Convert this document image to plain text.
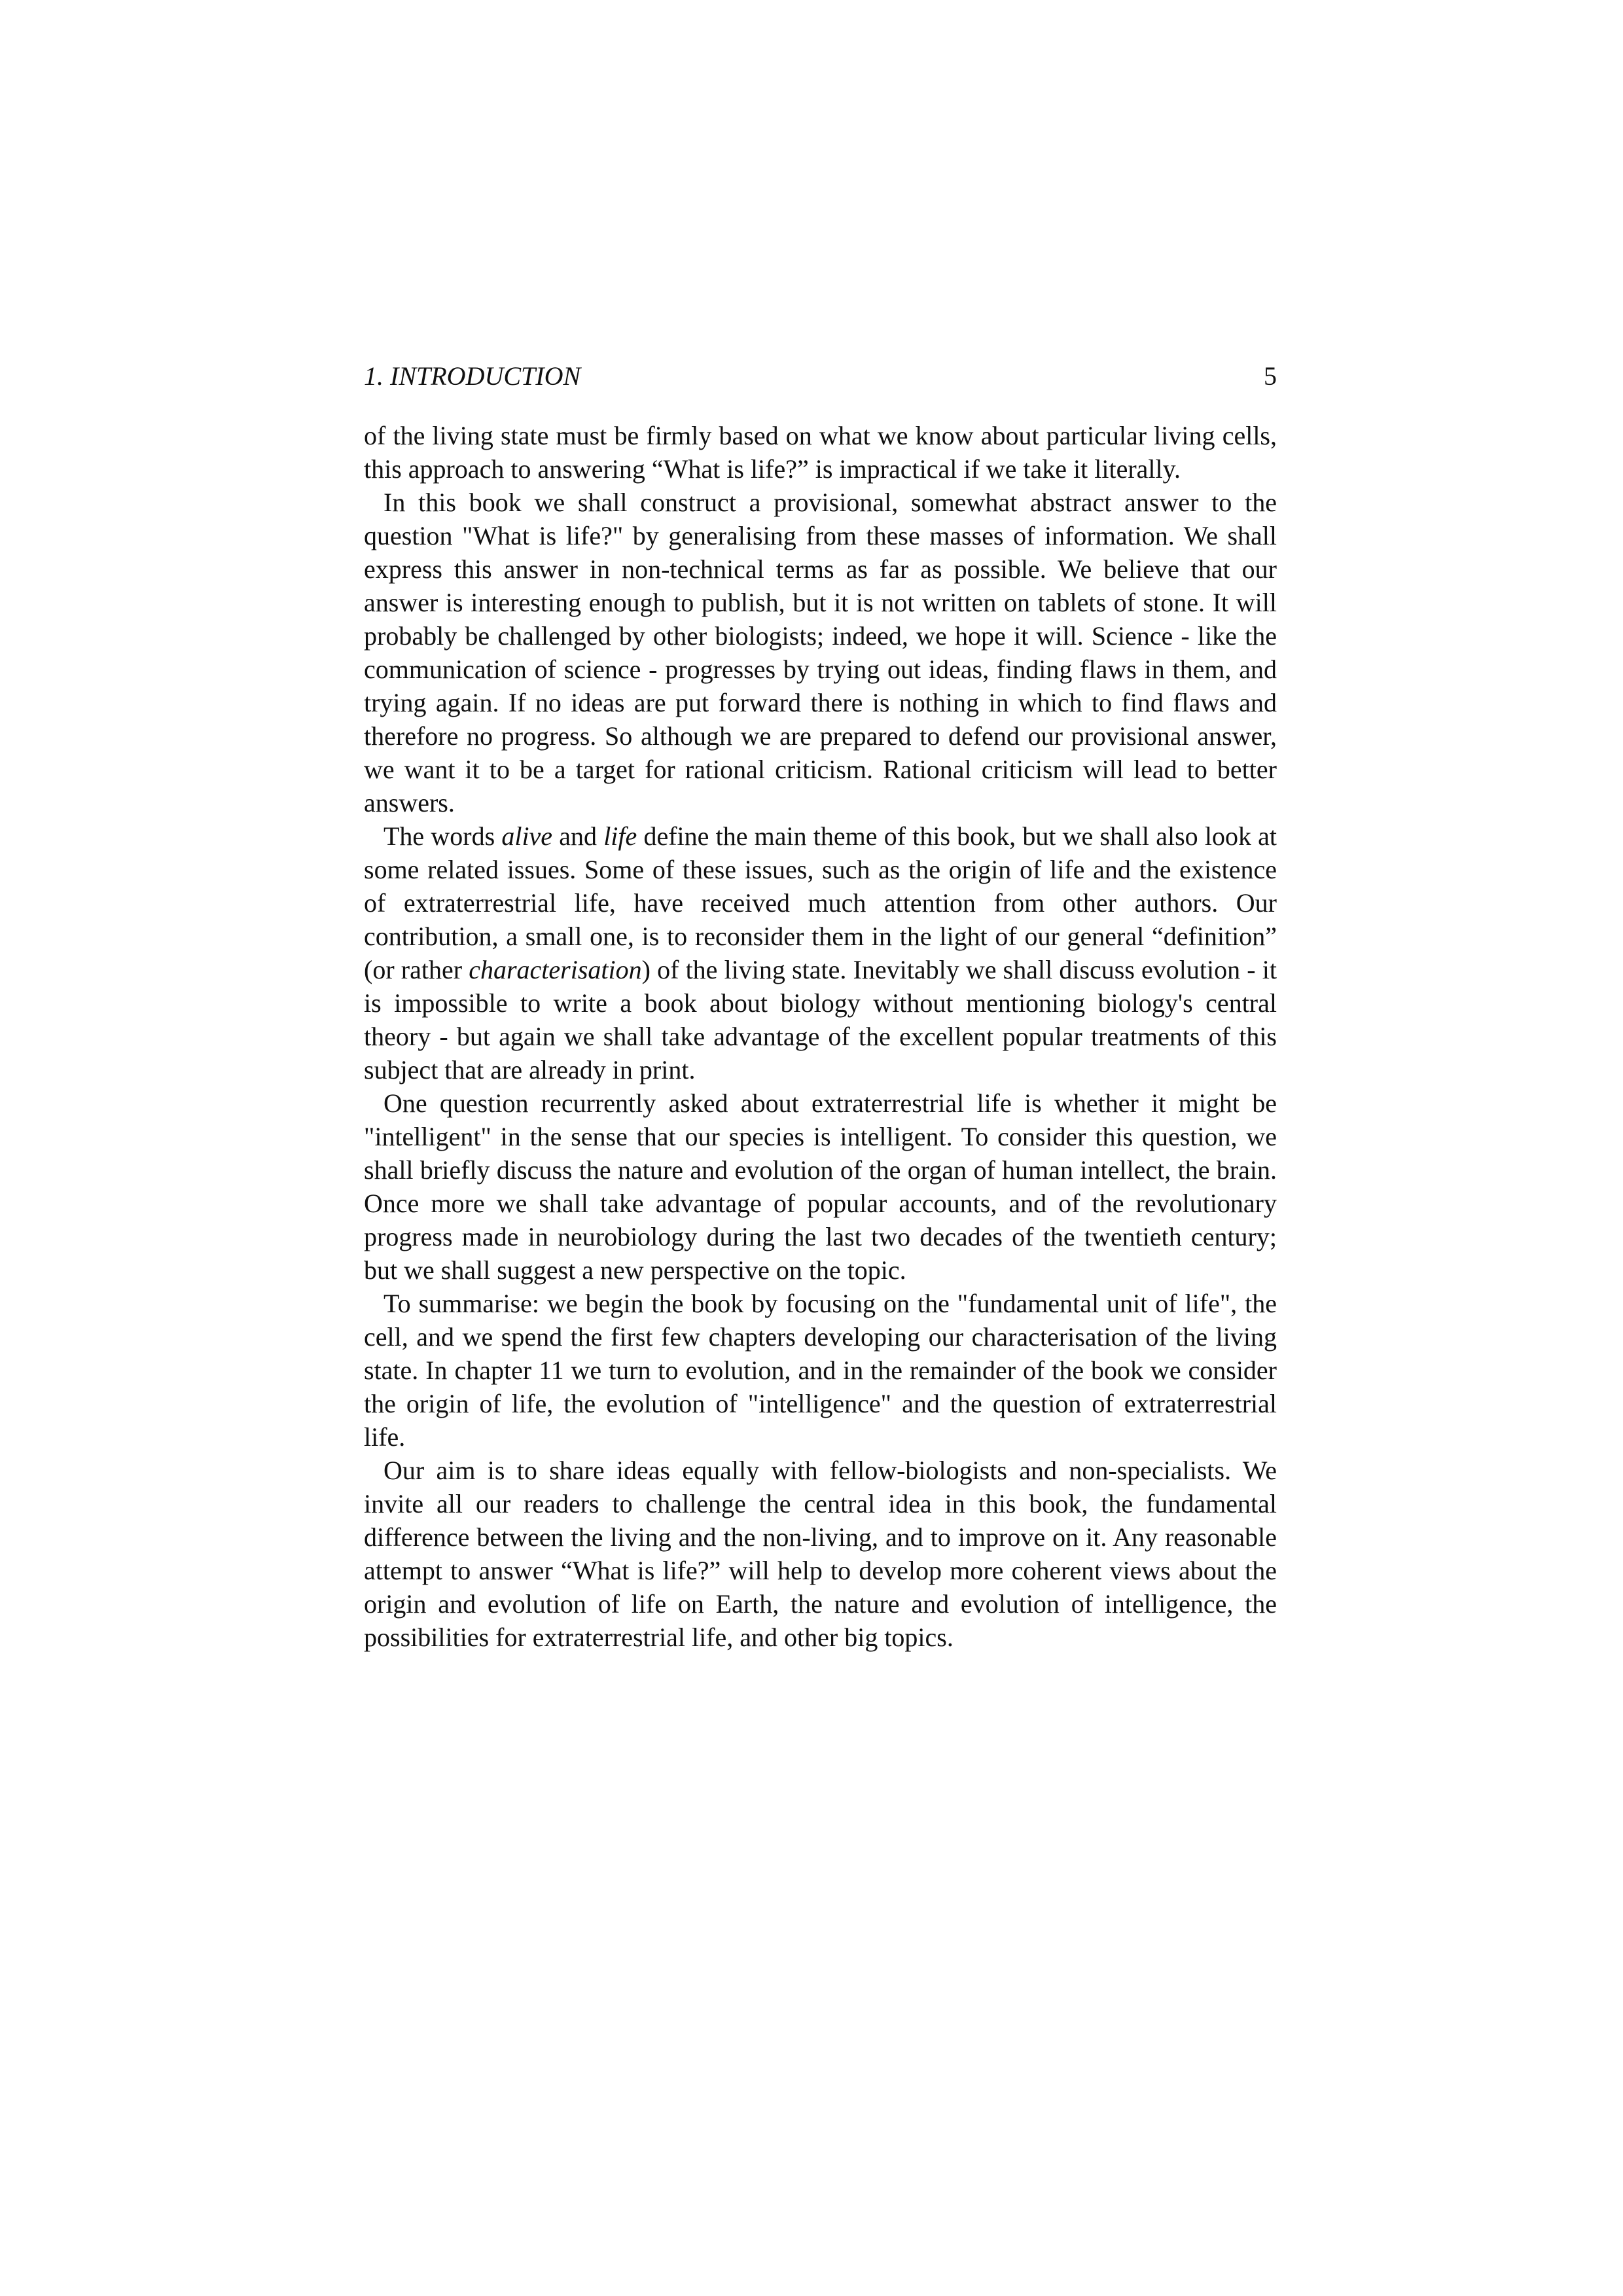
1. INTRODUCTION	5

of the living state must be firmly based on what we know about particular living cells, this approach to answering “What is life?” is impractical if we take it literally.

In this book we shall construct a provisional, somewhat abstract answer to the question "What is life?" by generalising from these masses of information. We shall express this answer in non-technical terms as far as possible. We believe that our answer is interesting enough to publish, but it is not written on tablets of stone. It will probably be challenged by other biologists; indeed, we hope it will. Science - like the communication of science - progresses by trying out ideas, finding flaws in them, and trying again. If no ideas are put forward there is nothing in which to find flaws and therefore no progress. So although we are prepared to defend our provisional answer, we want it to be a target for rational criticism. Rational criticism will lead to better answers.

The words alive and life define the main theme of this book, but we shall also look at some related issues. Some of these issues, such as the origin of life and the existence of extraterrestrial life, have received much attention from other authors. Our contribution, a small one, is to reconsider them in the light of our general “definition” (or rather characterisation) of the living state. Inevitably we shall discuss evolution - it is impossible to write a book about biology without mentioning biology's central theory - but again we shall take advantage of the excellent popular treatments of this subject that are already in print.

One question recurrently asked about extraterrestrial life is whether it might be "intelligent" in the sense that our species is intelligent. To consider this question, we shall briefly discuss the nature and evolution of the organ of human intellect, the brain. Once more we shall take advantage of popular accounts, and of the revolutionary progress made in neurobiology during the last two decades of the twentieth century; but we shall suggest a new perspective on the topic.

To summarise: we begin the book by focusing on the "fundamental unit of life", the cell, and we spend the first few chapters developing our characterisation of the living state. In chapter 11 we turn to evolution, and in the remainder of the book we consider the origin of life, the evolution of "intelligence" and the question of extraterrestrial life.

Our aim is to share ideas equally with fellow-biologists and non-specialists. We invite all our readers to challenge the central idea in this book, the fundamental difference between the living and the non-living, and to improve on it. Any reasonable attempt to answer “What is life?” will help to develop more coherent views about the origin and evolution of life on Earth, the nature and evolution of intelligence, the possibilities for extraterrestrial life, and other big topics.
